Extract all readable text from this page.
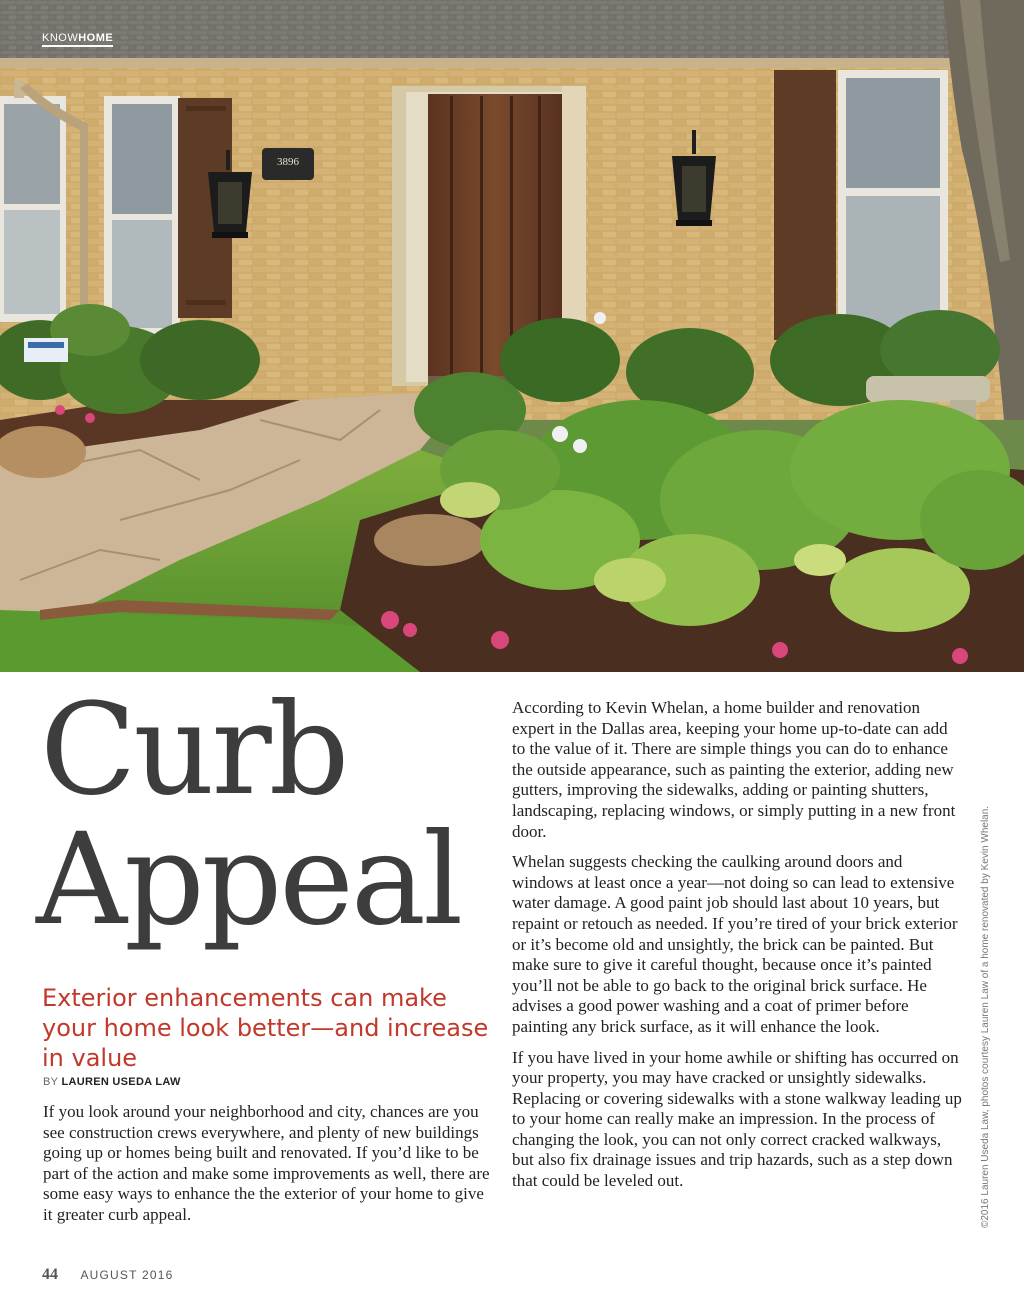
3896
KNOWHOME
Curb
Appeal
Exterior enhancements can make your home look better—and increase in value
BY LAUREN USEDA LAW

If you look around your neighborhood and city, chances are you see construction crews everywhere, and plenty of new buildings going up or homes being built and renovated. If you’d like to be part of the action and make some improvements as well, there are some easy ways to enhance the the exterior of your home to give it greater curb appeal.

According to Kevin Whelan, a home builder and renovation expert in the Dallas area, keeping your home up-to-date can add to the value of it. There are simple things you can do to enhance the outside appearance, such as painting the exterior, adding new gutters, improving the sidewalks, adding or painting shutters, landscaping, replacing windows, or simply putting in a new front door.

Whelan suggests checking the caulking around doors and windows at least once a year—not doing so can lead to extensive water damage. A good paint job should last about 10 years, but repaint or retouch as needed. If you’re tired of your brick exterior or it’s become old and unsightly, the brick can be painted. But make sure to give it careful thought, because once it’s painted you’ll not be able to go back to the original brick surface. He advises a good power washing and a coat of primer before painting any brick surface, as it will enhance the look.

If you have lived in your home awhile or shifting has occurred on your property, you may have cracked or unsightly sidewalks. Replacing or covering sidewalks with a stone walkway leading up to your home can really make an impression. In the process of changing the look, you can not only correct cracked walkways, but also fix drainage issues and trip hazards, such as a step down that could be leveled out.	©2016 Lauren Useda Law, photos courtesy Lauren Law of a home renovated by Kevin Whelan.
44 AUGUST 2016
